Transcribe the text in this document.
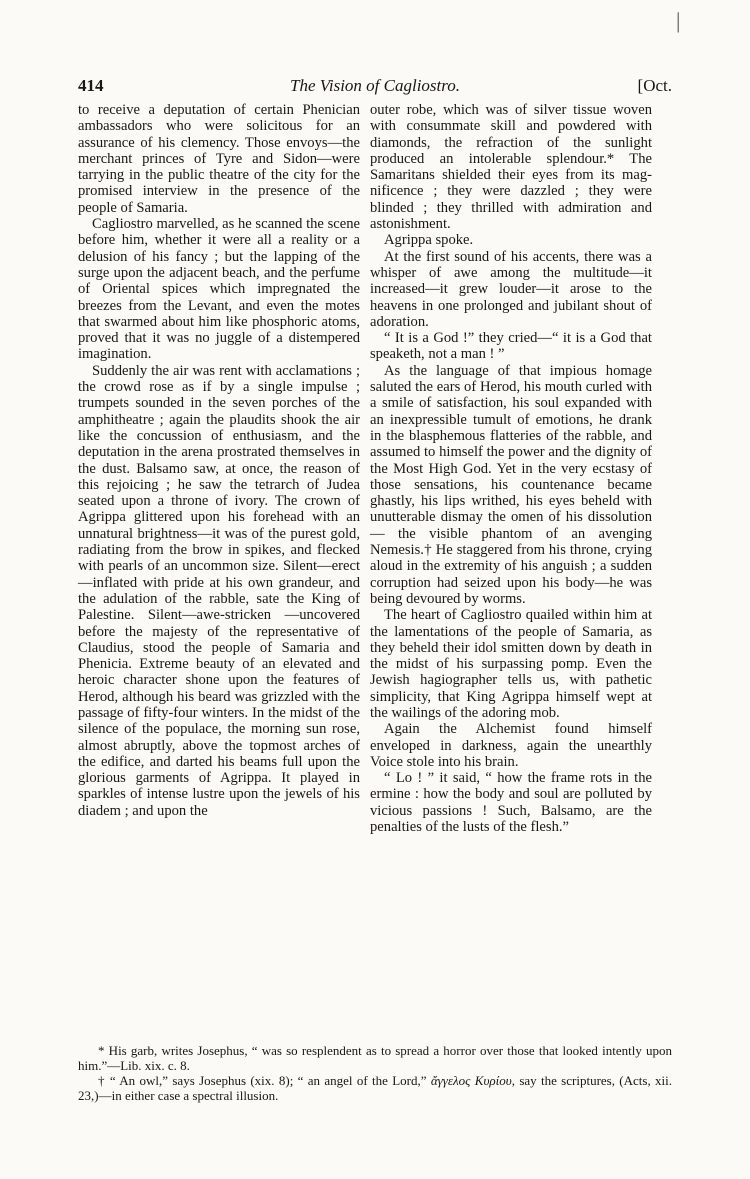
|
414	The Vision of Cagliostro.	[Oct.

to receive a deputation of certain Phenician ambassadors who were solicitous for an assurance of his clemency. Those envoys—the merchant princes of Tyre and Sidon—were tarrying in the public theatre of the city for the promised interview in the presence of the people of Samaria.

Cagliostro marvelled, as he scanned the scene before him, whether it were all a reality or a delusion of his fancy ; but the lapping of the surge upon the adjacent beach, and the perfume of Oriental spices which impregnated the breezes from the Levant, and even the motes that swarmed about him like phosphoric atoms, proved that it was no juggle of a distempered imagination.

Suddenly the air was rent with acclamations ; the crowd rose as if by a single impulse ; trumpets sounded in the seven porches of the amphitheatre ; again the plaudits shook the air like the concussion of enthusiasm, and the deputation in the arena prostrated themselves in the dust. Balsamo saw, at once, the reason of this rejoicing ; he saw the tetrarch of Judea seated upon a throne of ivory. The crown of Agrippa glittered upon his forehead with an unnatural brightness—it was of the purest gold, radiating from the brow in spikes, and flecked with pearls of an uncommon size. Silent—erect—inflated with pride at his own grandeur, and the adulation of the rabble, sate the King of Palestine. Silent—awe-stricken —uncovered before the majesty of the representative of Claudius, stood the people of Samaria and Phenicia. Extreme beauty of an elevated and heroic character shone upon the features of Herod, although his beard was grizzled with the passage of fifty-four winters. In the midst of the silence of the populace, the morning sun rose, almost abruptly, above the topmost arches of the edifice, and darted his beams full upon the glorious garments of Agrippa. It played in sparkles of intense lustre upon the jewels of his diadem ; and upon the

outer robe, which was of silver tissue woven with consummate skill and powdered with diamonds, the refraction of the sunlight produced an intolerable splendour.* The Samaritans shielded their eyes from its magnificence ; they were dazzled ; they were blinded ; they thrilled with admiration and astonishment.

Agrippa spoke.

At the first sound of his accents, there was a whisper of awe among the multitude—it increased—it grew louder—it arose to the heavens in one prolonged and jubilant shout of adoration.

“ It is a God !” they cried—“ it is a God that speaketh, not a man ! ”

As the language of that impious homage saluted the ears of Herod, his mouth curled with a smile of satisfaction, his soul expanded with an inexpressible tumult of emotions, he drank in the blasphemous flatteries of the rabble, and assumed to himself the power and the dignity of the Most High God. Yet in the very ecstasy of those sensations, his countenance became ghastly, his lips writhed, his eyes beheld with unutterable dismay the omen of his dissolution — the visible phantom of an avenging Nemesis.† He staggered from his throne, crying aloud in the extremity of his anguish ; a sudden corruption had seized upon his body—he was being devoured by worms.

The heart of Cagliostro quailed within him at the lamentations of the people of Samaria, as they beheld their idol smitten down by death in the midst of his surpassing pomp. Even the Jewish hagiographer tells us, with pathetic simplicity, that King Agrippa himself wept at the wailings of the adoring mob.

Again the Alchemist found himself enveloped in darkness, again the unearthly Voice stole into his brain.

“ Lo ! ” it said, “ how the frame rots in the ermine : how the body and soul are polluted by vicious passions ! Such, Balsamo, are the penalties of the lusts of the flesh.”

* His garb, writes Josephus, “ was so resplendent as to spread a horror over those that looked intently upon him.”—Lib. xix. c. 8.

† “ An owl,” says Josephus (xix. 8); “ an angel of the Lord,” ἄγγελος Κυρίου, say the scriptures, (Acts, xii. 23,)—in either case a spectral illusion.
